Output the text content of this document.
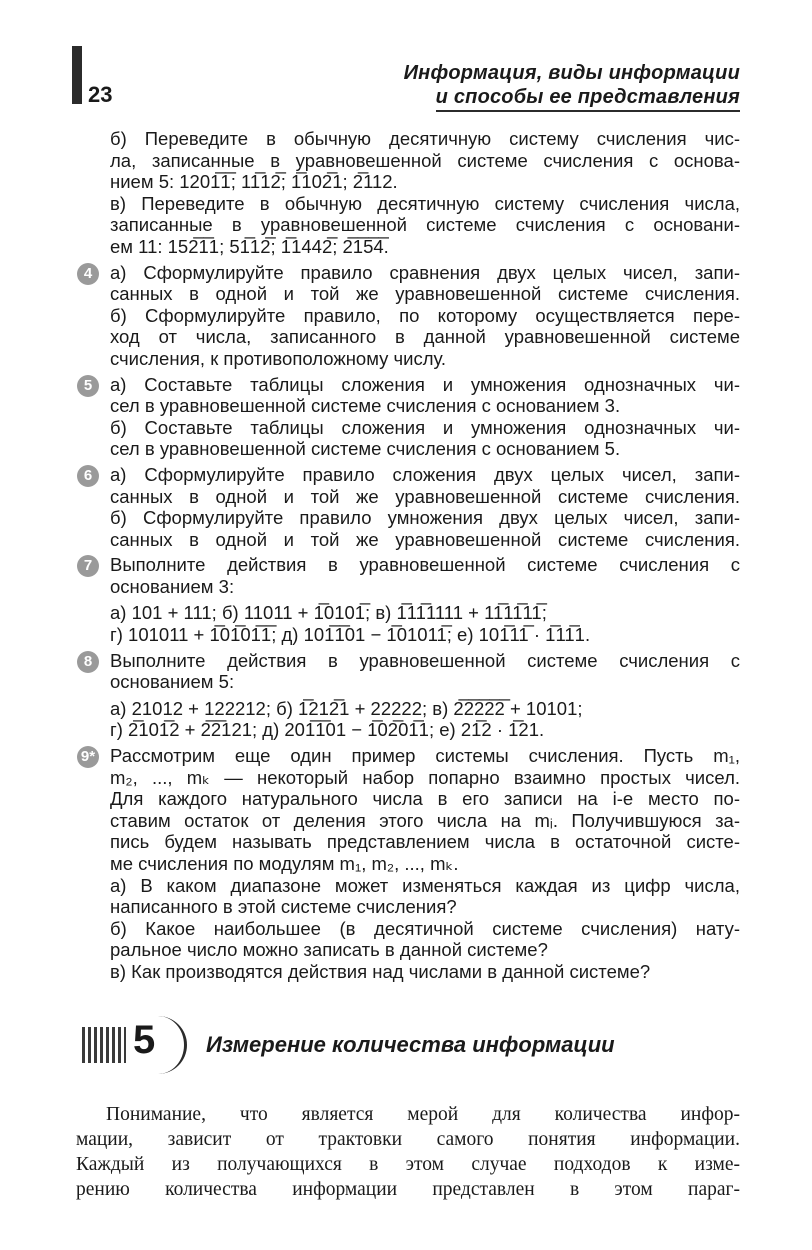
23
Информация, виды информации
и способы ее представления
б) Переведите в обычную десятичную систему счисления чис-
ла, записанные в уравновешенной системе счисления с основа-
нием 5: 1201̅1̅; 11̅12̅; 1̅102̅1; 2̅112.
в) Переведите в обычную десятичную систему счисления числа,
записанные в уравновешенной системе счисления с основани-
ем 11: 152̅1̅1; 51̅12̅; 1̅1442̅; 2̅1̅5̅4̅.
4 а) Сформулируйте правило сравнения двух целых чисел, запи-
санных в одной и той же уравновешенной системе счисления.
б) Сформулируйте правило, по которому осуществляется пере-
ход от числа, записанного в данной уравновешенной системе
счисления, к противоположному числу.
5 а) Составьте таблицы сложения и умножения однозначных чи-
сел в уравновешенной системе счисления с основанием 3.
б) Составьте таблицы сложения и умножения однозначных чи-
сел в уравновешенной системе счисления с основанием 5.
6 а) Сформулируйте правило сложения двух целых чисел, запи-
санных в одной и той же уравновешенной системе счисления.
б) Сформулируйте правило умножения двух целых чисел, запи-
санных в одной и той же уравновешенной системе счисления.
7 Выполните действия в уравновешенной системе счисления с
основанием 3:
а) 101 + 111; б) 11011 + 1̅0101̅; в) 1̅11̅1111 + 11̅11̅11̅;
г) 101011 + 1̅01̅01̅1̅; д) 101̅1̅01 − 1̅01011̅; е) 101̅11̅ · 1̅11̅1.
8 Выполните действия в уравновешенной системе счисления с
основанием 5:
а) 21012 + 122212; б) 1̅212̅1 + 22222; в) 2̅2̅2̅2̅2̅ + 10101;
г) 2̅101̅2 + 2̅2̅121; д) 201̅1̅01 − 1̅02̅01̅1; е) 21̅2 · 1̅21.
9* Рассмотрим еще один пример системы счисления. Пусть m₁,
m₂, ..., mₖ — некоторый набор попарно взаимно простых чисел.
Для каждого натурального числа в его записи на i-е место по-
ставим остаток от деления этого числа на mᵢ. Получившуюся за-
пись будем называть представлением числа в остаточной систе-
ме счисления по модулям m₁, m₂, ..., mₖ.
а) В каком диапазоне может изменяться каждая из цифр числа,
написанного в этой системе счисления?
б) Какое наибольшее (в десятичной системе счисления) нату-
ральное число можно записать в данной системе?
в) Как производятся действия над числами в данной системе?
5 Измерение количества информации
Понимание, что является мерой для количества инфор-
мации, зависит от трактовки самого понятия информации.
Каждый из получающихся в этом случае подходов к изме-
рению количества информации представлен в этом параг-
